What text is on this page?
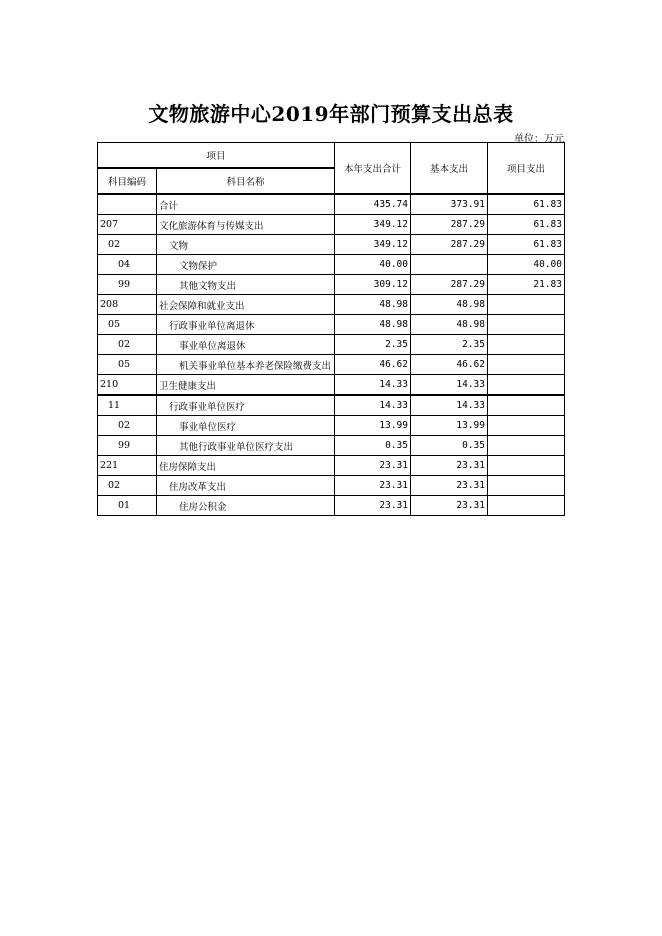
文物旅游中心2019年部门预算支出总表
单位：万元
项目		本年支出合计	基本支出	项目支出
科目编码	科目名称			
	合计	435.74	373.91	61.83
207	文化旅游体育与传媒支出	349.12	287.29	61.83
02	文物	349.12	287.29	61.83
04	文物保护	40.00		40.00
99	其他文物支出	309.12	287.29	21.83
208	社会保障和就业支出	48.98	48.98	
05	行政事业单位离退休	48.98	48.98	
02	事业单位离退休	2.35	2.35	
05	机关事业单位基本养老保险缴费支出	46.62	46.62	
210	卫生健康支出	14.33	14.33	
11	行政事业单位医疗	14.33	14.33	
02	事业单位医疗	13.99	13.99	
99	其他行政事业单位医疗支出	0.35	0.35	
221	住房保障支出	23.31	23.31	
02	住房改革支出	23.31	23.31	
01	住房公积金	23.31	23.31	
